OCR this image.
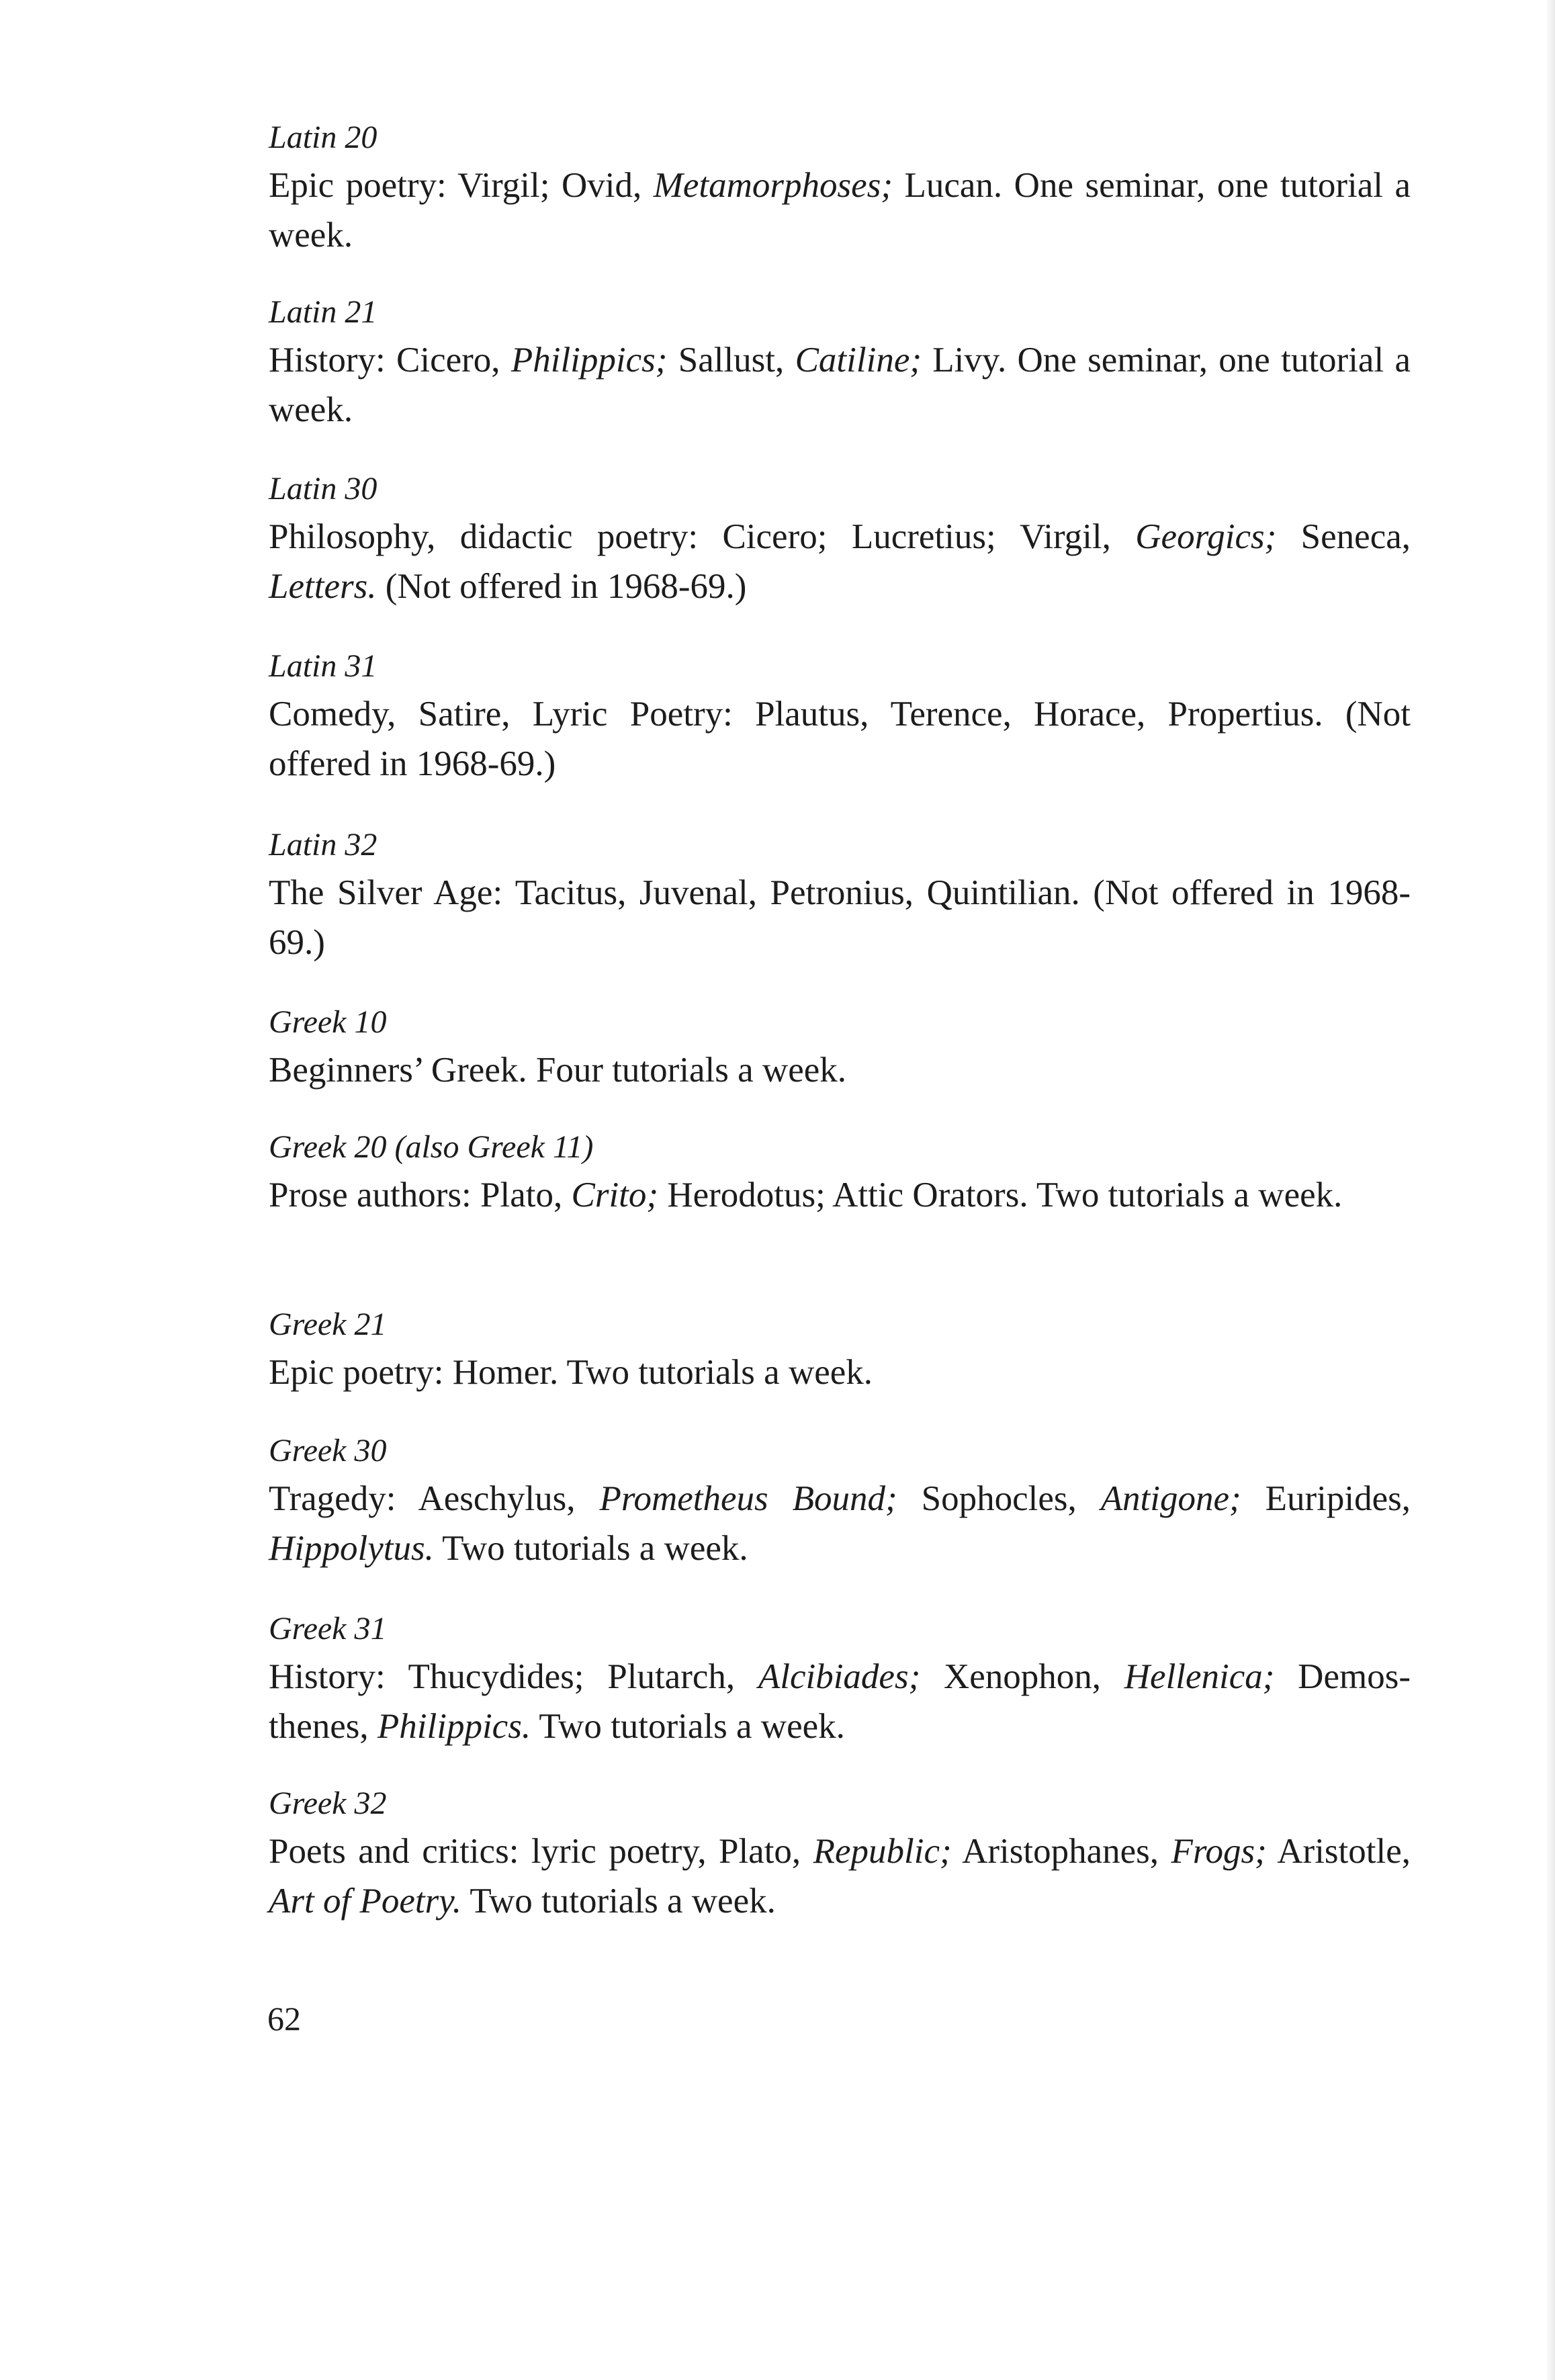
Latin 20

Epic poetry: Virgil; Ovid, Metamorphoses; Lucan. One seminar, one tutorial a week.

Latin 21

History: Cicero, Philippics; Sallust, Catiline; Livy. One seminar, one tutorial a week.

Latin 30

Philosophy, didactic poetry: Cicero; Lucretius; Virgil, Georgics; Seneca, Letters. (Not offered in 1968-69.)

Latin 31

Comedy, Satire, Lyric Poetry: Plautus, Terence, Horace, Propertius. (Not offered in 1968-69.)

Latin 32

The Silver Age: Tacitus, Juvenal, Petronius, Quintilian. (Not offered in 1968-69.)

Greek 10

Beginners’ Greek. Four tutorials a week.

Greek 20 (also Greek 11)

Prose authors: Plato, Crito; Herodotus; Attic Orators. Two tutorials a week.

Greek 21

Epic poetry: Homer. Two tutorials a week.

Greek 30

Tragedy: Aeschylus, Prometheus Bound; Sophocles, Antigone; Euripides, Hippolytus. Two tutorials a week.

Greek 31

History: Thucydides; Plutarch, Alcibiades; Xenophon, Hellenica; Demosthenes, Philippics. Two tutorials a week.

Greek 32

Poets and critics: lyric poetry, Plato, Republic; Aristophanes, Frogs; Aristotle, Art of Poetry. Two tutorials a week.

62
